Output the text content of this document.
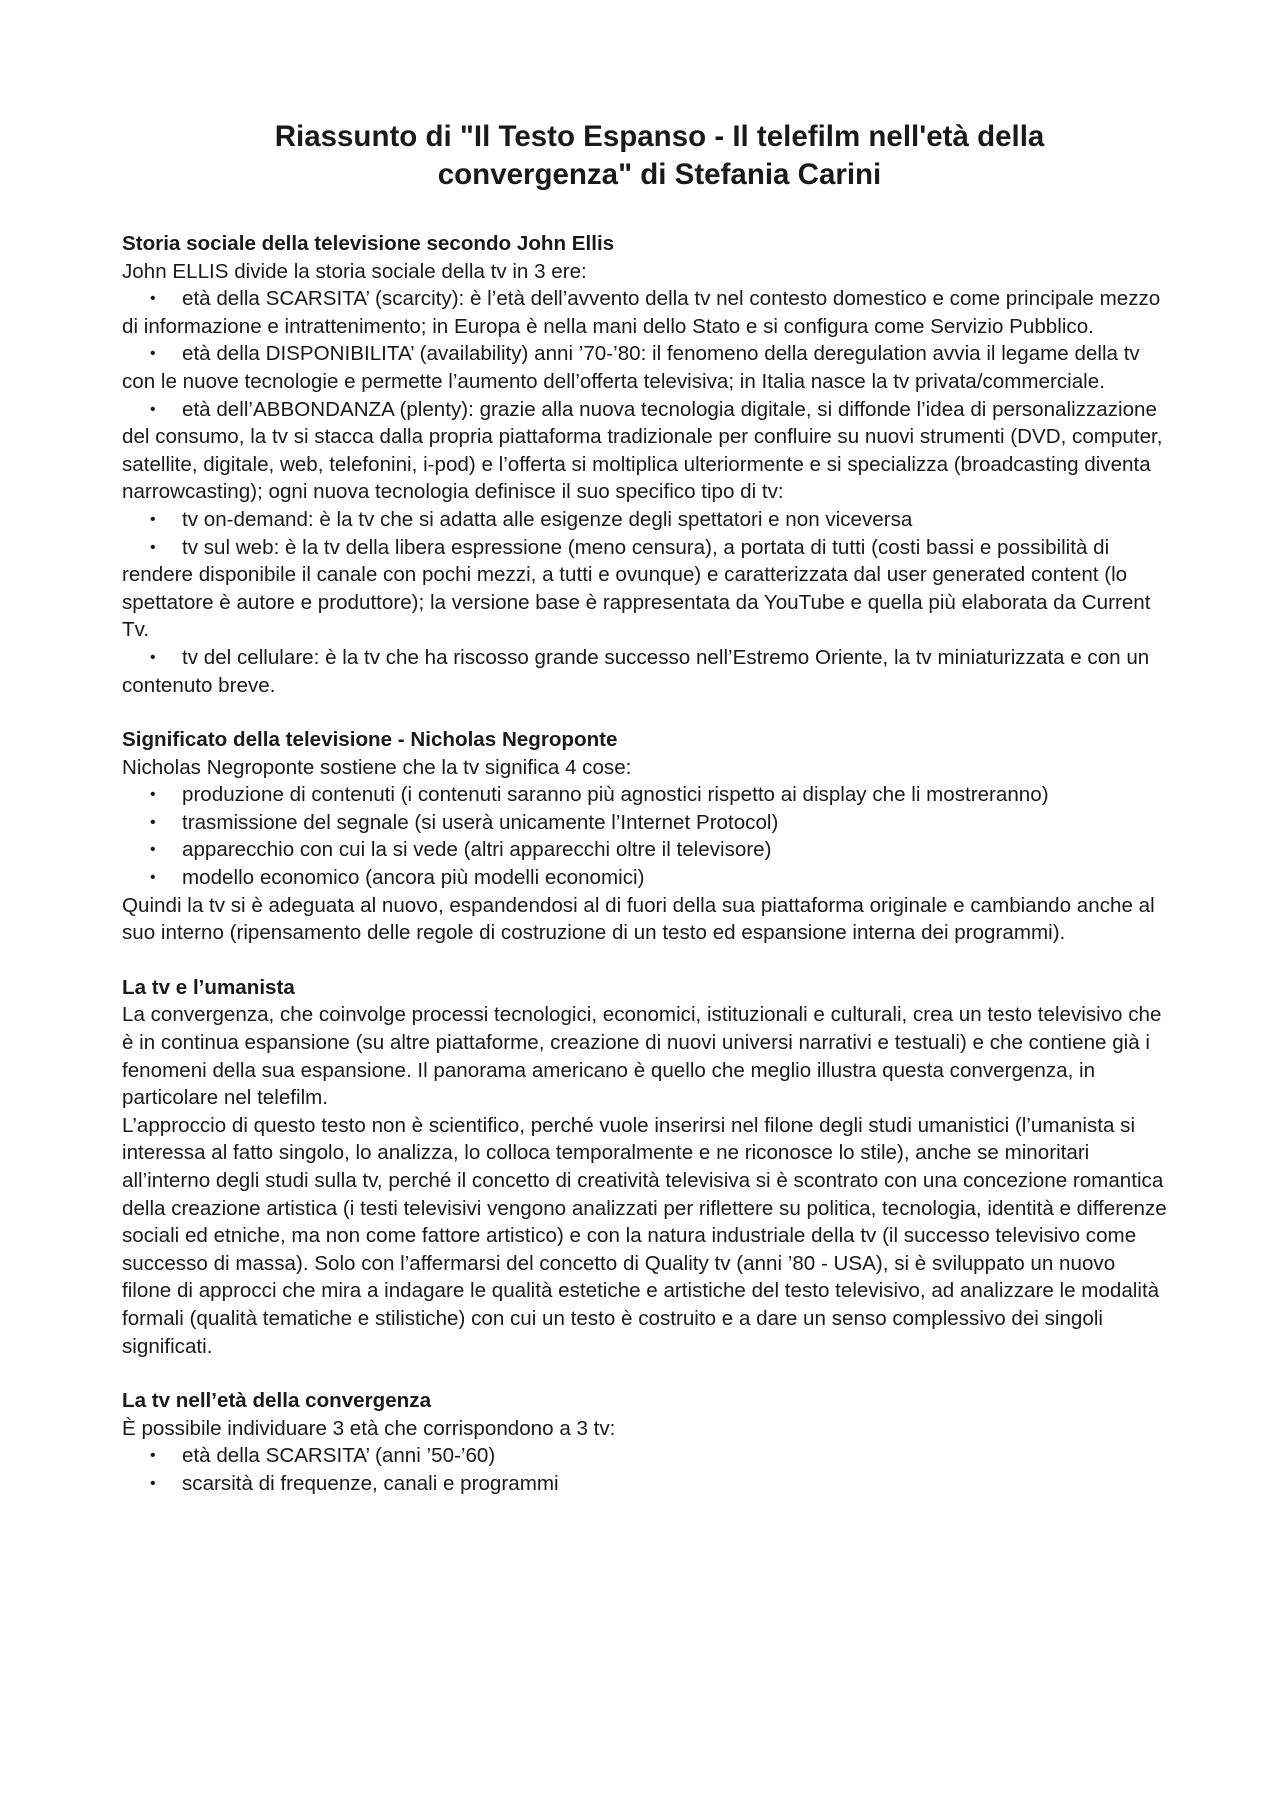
Riassunto di "Il Testo Espanso - Il telefilm nell'età della
convergenza" di Stefania Carini

Storia sociale della televisione secondo John Ellis

John ELLIS divide la storia sociale della tv in 3 ere:

• età della SCARSITA’ (scarcity): è l’età dell’avvento della tv nel contesto domestico e come principale mezzo di informazione e intrattenimento; in Europa è nella mani dello Stato e si configura come Servizio Pubblico.
• età della DISPONIBILITA’ (availability) anni ’70-’80: il fenomeno della deregulation avvia il legame della tv con le nuove tecnologie e permette l’aumento dell’offerta televisiva; in Italia nasce la tv privata/commerciale.
• età dell’ABBONDANZA (plenty): grazie alla nuova tecnologia digitale, si diffonde l’idea di personalizzazione del consumo, la tv si stacca dalla propria piattaforma tradizionale per confluire su nuovi strumenti (DVD, computer, satellite, digitale, web, telefonini, i-pod) e l’offerta si moltiplica ulteriormente e si specializza (broadcasting diventa narrowcasting); ogni nuova tecnologia definisce il suo specifico tipo di tv:
• tv on-demand: è la tv che si adatta alle esigenze degli spettatori e non viceversa
• tv sul web: è la tv della libera espressione (meno censura), a portata di tutti (costi bassi e possibilità di rendere disponibile il canale con pochi mezzi, a tutti e ovunque) e caratterizzata dal user generated content (lo spettatore è autore e produttore); la versione base è rappresentata da YouTube e quella più elaborata da Current Tv.
• tv del cellulare: è la tv che ha riscosso grande successo nell’Estremo Oriente, la tv miniaturizzata e con un contenuto breve.

Significato della televisione - Nicholas Negroponte

Nicholas Negroponte sostiene che la tv significa 4 cose:

• produzione di contenuti (i contenuti saranno più agnostici rispetto ai display che li mostreranno)
• trasmissione del segnale (si userà unicamente l’Internet Protocol)
• apparecchio con cui la si vede (altri apparecchi oltre il televisore)
• modello economico (ancora più modelli economici)

Quindi la tv si è adeguata al nuovo, espandendosi al di fuori della sua piattaforma originale e cambiando anche al suo interno (ripensamento delle regole di costruzione di un testo ed espansione interna dei programmi).

La tv e l’umanista

La convergenza, che coinvolge processi tecnologici, economici, istituzionali e culturali, crea un testo televisivo che è in continua espansione (su altre piattaforme, creazione di nuovi universi narrativi e testuali) e che contiene già i fenomeni della sua espansione. Il panorama americano è quello che meglio illustra questa convergenza, in particolare nel telefilm.

L’approccio di questo testo non è scientifico, perché vuole inserirsi nel filone degli studi umanistici (l’umanista si interessa al fatto singolo, lo analizza, lo colloca temporalmente e ne riconosce lo stile), anche se minoritari all’interno degli studi sulla tv, perché il concetto di creatività televisiva si è scontrato con una concezione romantica della creazione artistica (i testi televisivi vengono analizzati per riflettere su politica, tecnologia, identità e differenze sociali ed etniche, ma non come fattore artistico) e con la natura industriale della tv (il successo televisivo come successo di massa). Solo con l’affermarsi del concetto di Quality tv (anni ’80 - USA), si è sviluppato un nuovo filone di approcci che mira a indagare le qualità estetiche e artistiche del testo televisivo, ad analizzare le modalità formali (qualità tematiche e stilistiche) con cui un testo è costruito e a dare un senso complessivo dei singoli significati.

La tv nell’età della convergenza

È possibile individuare 3 età che corrispondono a 3 tv:

• età della SCARSITA’ (anni ’50-’60)
• scarsità di frequenze, canali e programmi
